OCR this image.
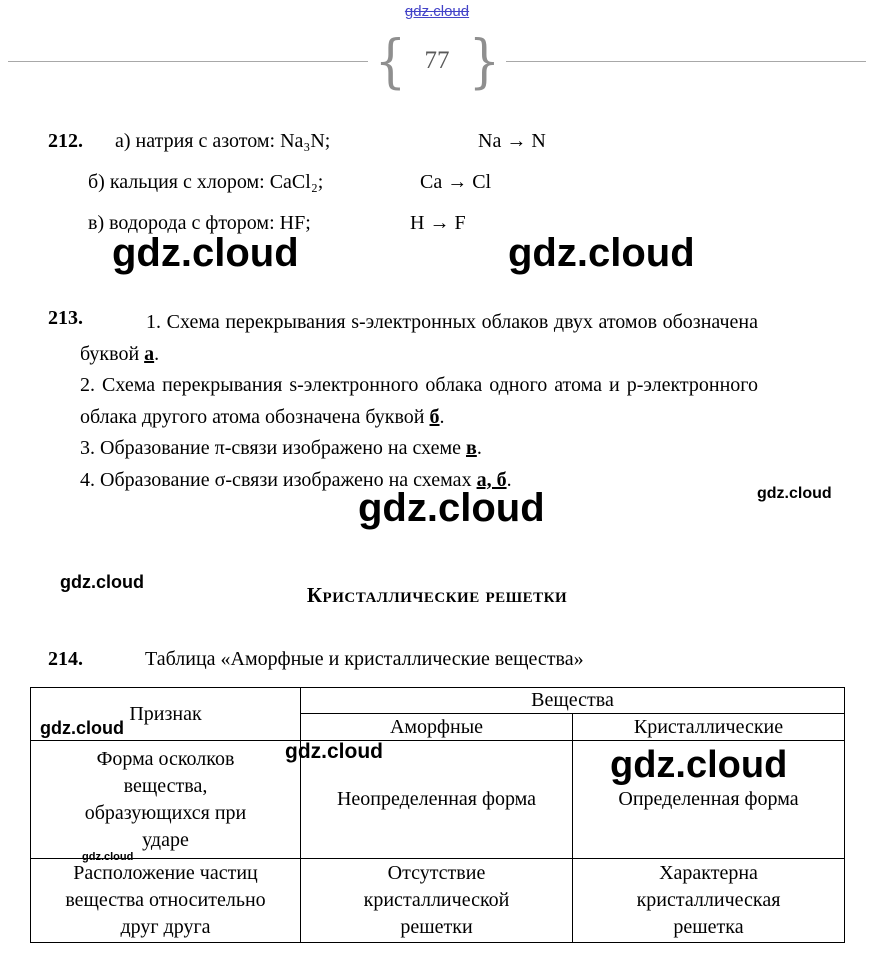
gdz.cloud
{ 77 }
212. а) натрия с азотом: Na₃N;	Na → N
б) кальция с хлором: CaCl₂;	Ca → Cl
в) водорода с фтором: HF;	H → F
213.	1. Схема перекрывания s-электронных облаков двух атомов обозначена буквой а.

2. Схема перекрывания s-электронного облака одного атома и p-электронного облака другого атома обозначена буквой б.

3. Образование π-связи изображено на схеме в.

4. Образование σ-связи изображено на схемах а, б.

Кристаллические решетки
214.	Таблица «Аморфные и кристаллические вещества»
Признак	Вещества	
	Аморфные	Кристаллические
Форма осколков вещества, образующихся при ударе	Неопределенная форма	Определенная форма
Расположение частиц вещества относительно друг друга	Отсутствие кристаллической решетки	Характерна кристаллическая решетка
gdz.cloud	gdz.cloud
gdz.cloud	gdz.cloud
gdz.cloud
gdz.cloud
gdz.cloud	gdz.cloud
gdz.cloud
